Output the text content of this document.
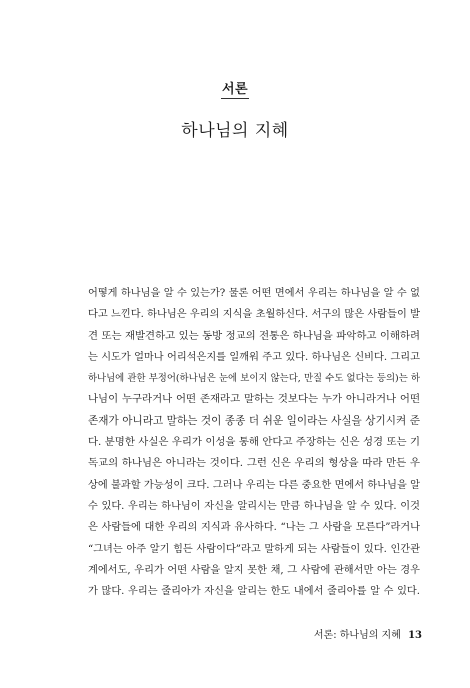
서론
하나님의 지혜
어떻게 하나님을 알 수 있는가? 물론 어떤 면에서 우리는 하나님을 알 수 없
다고 느낀다. 하나님은 우리의 지식을 초월하신다. 서구의 많은 사람들이 발
견 또는 재발견하고 있는 동방 정교의 전통은 하나님을 파악하고 이해하려
는 시도가 얼마나 어리석은지를 일깨워 주고 있다. 하나님은 신비다. 그리고
하나님에 관한 부정어(하나님은 눈에 보이지 않는다, 만질 수도 없다는 등의)는 하
나님이 누구라거나 어떤 존재라고 말하는 것보다는 누가 아니라거나 어떤
존재가 아니라고 말하는 것이 종종 더 쉬운 일이라는 사실을 상기시켜 준
다. 분명한 사실은 우리가 이성을 통해 안다고 주장하는 신은 성경 또는 기
독교의 하나님은 아니라는 것이다. 그런 신은 우리의 형상을 따라 만든 우
상에 불과할 가능성이 크다. 그러나 우리는 다른 중요한 면에서 하나님을 알
수 있다. 우리는 하나님이 자신을 알리시는 만큼 하나님을 알 수 있다. 이것
은 사람들에 대한 우리의 지식과 유사하다. “나는 그 사람을 모른다”라거나
“그녀는 아주 알기 힘든 사람이다”라고 말하게 되는 사람들이 있다. 인간관
계에서도, 우리가 어떤 사람을 알지 못한 채, 그 사람에 관해서만 아는 경우
가 많다. 우리는 줄리아가 자신을 알리는 한도 내에서 줄리아를 알 수 있다.
서론: 하나님의 지혜 13
